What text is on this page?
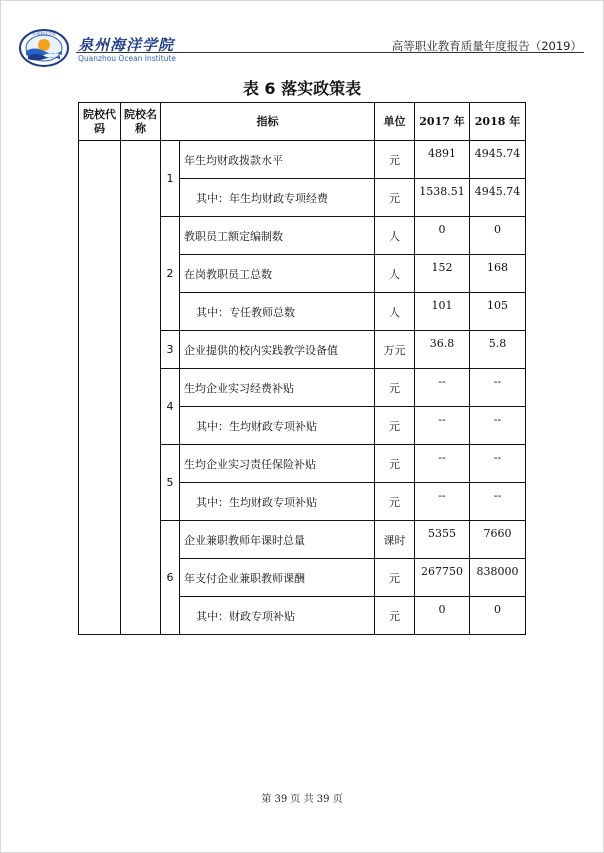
泉州海洋学院
泉州海洋学院
Quanzhou Ocean Institute
高等职业教育质量年度报告（2019）
表 6 落实政策表
院校代码	院校名称	指标		单位	2017 年	2018 年
		1	年生均财政拨款水平	元	4891	4945.74
			其中：年生均财政专项经费	元	1538.51	4945.74
		2	教职员工额定编制数	人	0	0
			在岗教职员工总数	人	152	168
			其中：专任教师总数	人	101	105
		3	企业提供的校内实践教学设备值	万元	36.8	5.8
		4	生均企业实习经费补贴	元	--	--
			其中：生均财政专项补贴	元	--	--
		5	生均企业实习责任保险补贴	元	--	--
			其中：生均财政专项补贴	元	--	--
		6	企业兼职教师年课时总量	课时	5355	7660
			年支付企业兼职教师课酬	元	267750	838000
			其中：财政专项补贴	元	0	0
第 39 页 共 39 页
